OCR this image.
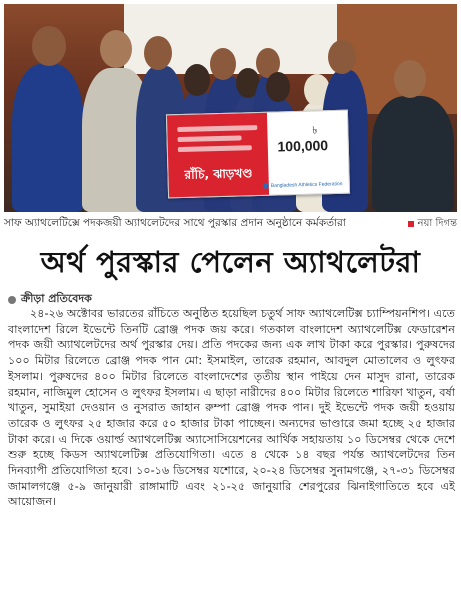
রাঁচি, ঝাড়খণ্ড
৳
100,000
Bangladesh Athletics Federation
সাফ অ্যাথলেটিক্সে পদকজয়ী অ্যাথলেটদের সাথে পুরস্কার প্রদান অনুষ্ঠানে কর্মকর্তারা	নয়া দিগন্ত
অর্থ পুরস্কার পেলেন অ্যাথলেটরা
ক্রীড়া প্রতিবেদক
২৪-২৬ অক্টোবর ভারতের রাঁচিতে অনুষ্ঠিত হয়েছিল চতুর্থ সাফ অ্যাথলেটিক্স চ্যাম্পিয়নশিপ। এতে বাংলাদেশ রিলে ইভেন্টে তিনটি ব্রোঞ্জ পদক জয় করে। গতকাল বাংলাদেশ অ্যাথলেটিক্স ফেডারেশন পদক জয়ী অ্যাথলেটদের অর্থ পুরস্কার দেয়। প্রতি পদকের জন্য এক লাখ টাকা করে পুরস্কার। পুরুষদের ১০০ মিটার রিলেতে ব্রোঞ্জ পদক পান মো: ইসমাইল, তারেক রহমান, আবদুল মোতালেব ও লুৎফর ইসলাম। পুরুষদের ৪০০ মিটার রিলেতে বাংলাদেশের তৃতীয় স্থান পাইয়ে দেন মাসুদ রানা, তারেক রহমান, নাজিমুল হোসেন ও লুৎফর ইসলাম। এ ছাড়া নারীদের ৪০০ মিটার রিলেতে শারিফা খাতুন, বর্ষা খাতুন, সুমাইয়া দেওয়ান ও নুসরাত জাহান রুম্পা ব্রোঞ্জ পদক পান। দুই ইভেন্টে পদক জয়ী হওয়ায় তারেক ও লুৎফর ২৫ হাজার করে ৫০ হাজার টাকা পাচ্ছেন। অন্যদের ভাণ্ডারে জমা হচ্ছে ২৫ হাজার টাকা করে। এ দিকে ওয়ার্ল্ড অ্যাথলেটিক্স অ্যাসোসিয়েশনের আর্থিক সহায়তায় ১০ ডিসেম্বর থেকে দেশে শুরু হচ্ছে কিডস অ্যাথলেটিক্স প্রতিযোগিতা। এতে ৪ থেকে ১৪ বছর পর্যন্ত অ্যাথলেটদের তিন দিনব্যাপী প্রতিযোগিতা হবে। ১০-১৬ ডিসেম্বর যশোরে, ২০-২৪ ডিসেম্বর সুনামগঞ্জে, ২৭-৩১ ডিসেম্বর জামালগঞ্জে ৫-৯ জানুয়ারী রাঙ্গামাটি এবং ২১-২৫ জানুয়ারি শেরপুরের ঝিনাইগাতিতে হবে এই আয়োজন।
